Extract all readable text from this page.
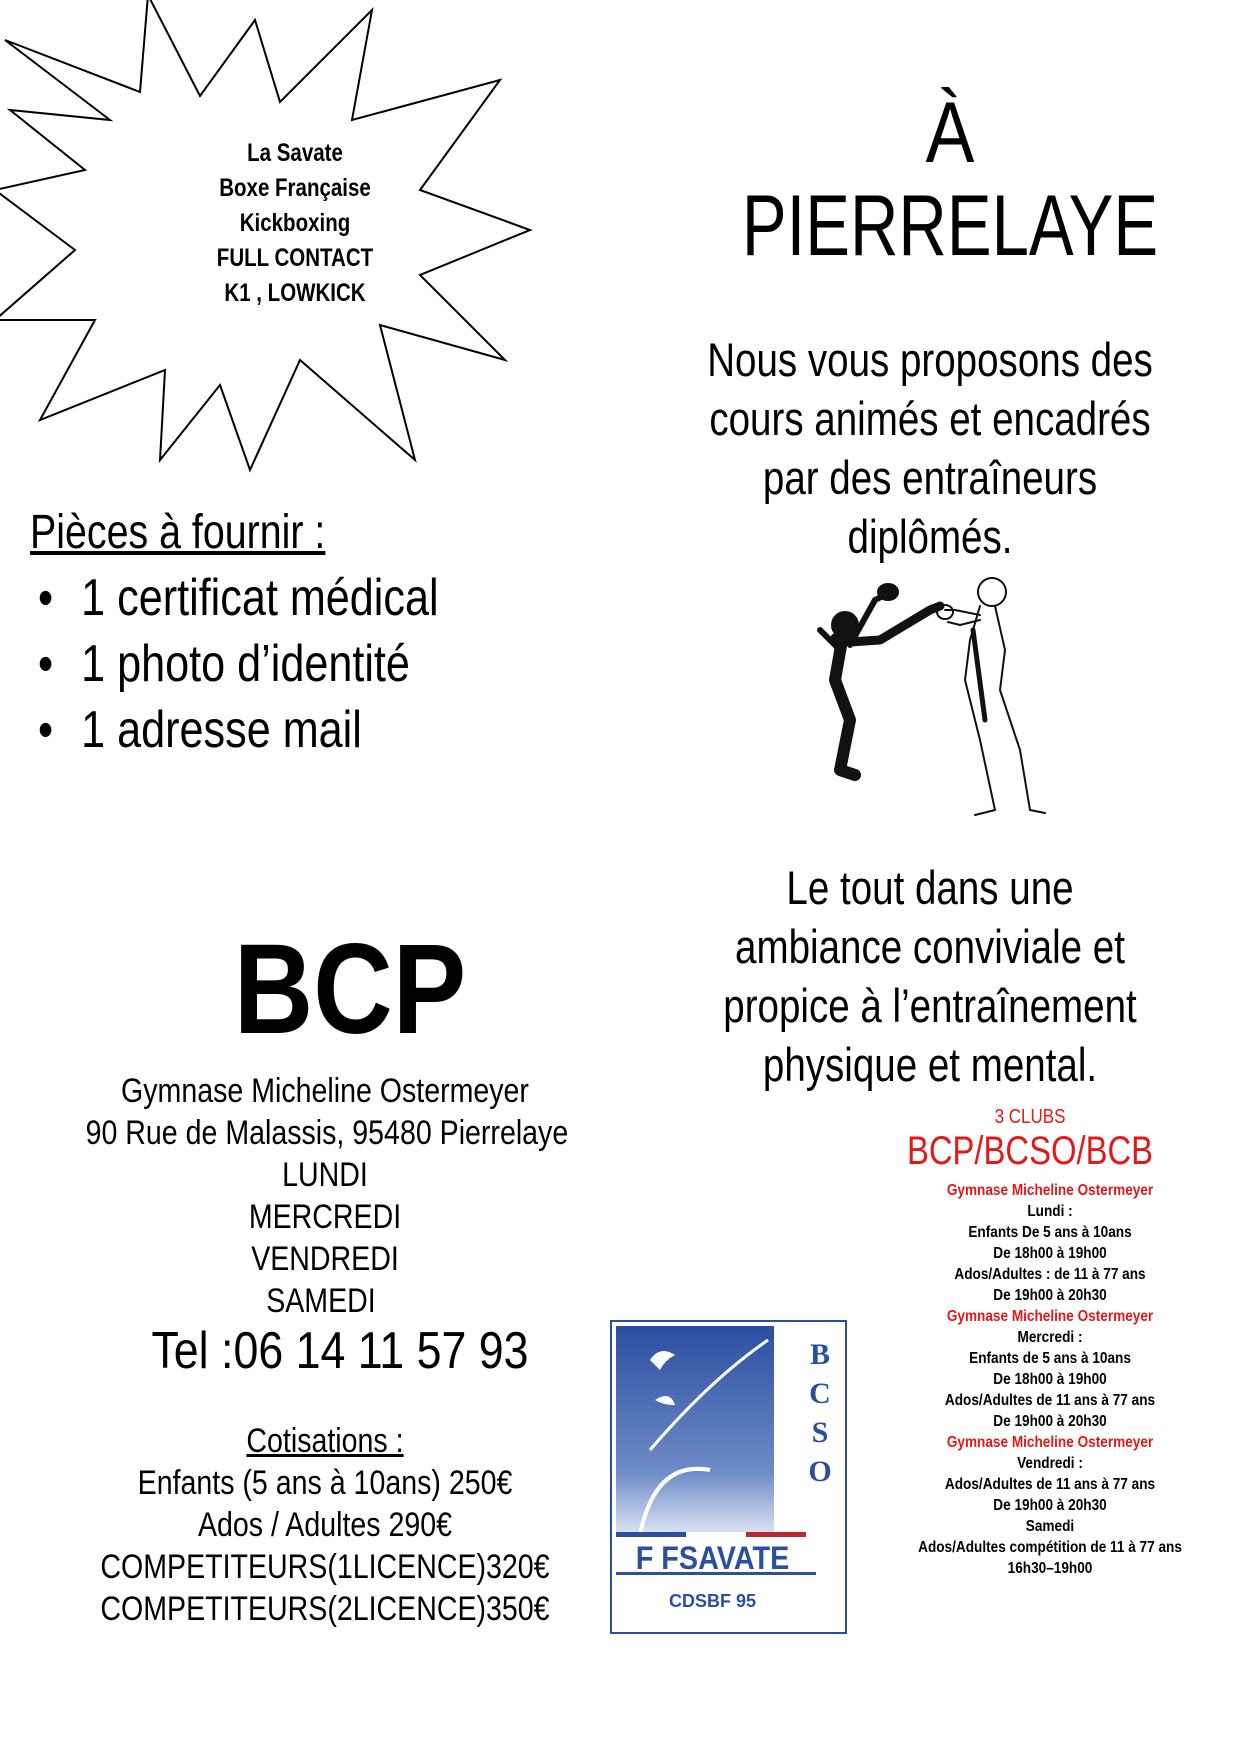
La Savate
Boxe Française
Kickboxing
FULL CONTACT
K1 , LOWKICK
À
PIERRELAYE
Nous vous proposons des
cours animés et encadrés
par des entraîneurs
diplômés.
Pièces à fournir :
• 1 certificat médical
• 1 photo d’identité
• 1 adresse mail
Le tout dans une
ambiance conviviale et
propice à l’entraînement
physique et mental.
BCP
Gymnase Micheline Ostermeyer
90 Rue de Malassis, 95480 Pierrelaye
LUNDI
MERCREDI
VENDREDI
SAMEDI
Tel :06 14 11 57 93
Cotisations :
Enfants (5 ans à 10ans) 250€
Ados / Adultes 290€
COMPETITEURS(1LICENCE)320€
COMPETITEURS(2LICENCE)350€
B
C
S
O
F FSAVATE
CDSBF 95
3 CLUBS
BCP/BCSO/BCB
Gymnase Micheline Ostermeyer
Lundi :
Enfants De 5 ans à 10ans
De 18h00 à 19h00
Ados/Adultes : de 11 à 77 ans
De 19h00 à 20h30
Gymnase Micheline Ostermeyer
Mercredi :
Enfants de 5 ans à 10ans
De 18h00 à 19h00
Ados/Adultes de 11 ans à 77 ans
De 19h00 à 20h30
Gymnase Micheline Ostermeyer
Vendredi :
Ados/Adultes de 11 ans à 77 ans
De 19h00 à 20h30
Samedi
Ados/Adultes compétition de 11 à 77 ans
16h30–19h00
